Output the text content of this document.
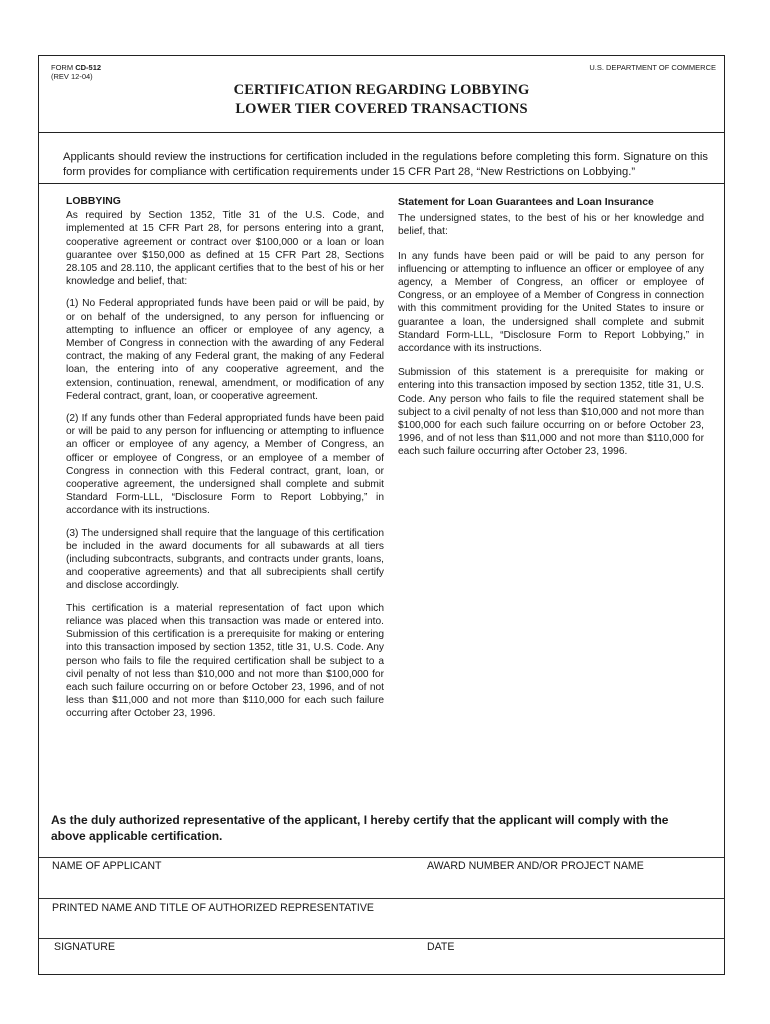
FORM CD-512
(REV 12-04)
U.S. DEPARTMENT OF COMMERCE
CERTIFICATION REGARDING LOBBYING
LOWER TIER COVERED TRANSACTIONS
Applicants should review the instructions for certification included in the regulations before completing this form. Signature on this form provides for compliance with certification requirements under 15 CFR Part 28, “New Restrictions on Lobbying.”
LOBBYING

As required by Section 1352, Title 31 of the U.S. Code, and implemented at 15 CFR Part 28, for persons entering into a grant, cooperative agreement or contract over $100,000 or a loan or loan guarantee over $150,000 as defined at 15 CFR Part 28, Sections 28.105 and 28.110, the applicant certifies that to the best of his or her knowledge and belief, that:

(1) No Federal appropriated funds have been paid or will be paid, by or on behalf of the undersigned, to any person for influencing or attempting to influence an officer or employee of any agency, a Member of Congress in connection with the awarding of any Federal contract, the making of any Federal grant, the making of any Federal loan, the entering into of any cooperative agreement, and the extension, continuation, renewal, amendment, or modification of any Federal contract, grant, loan, or cooperative agreement.

(2) If any funds other than Federal appropriated funds have been paid or will be paid to any person for influencing or attempting to influence an officer or employee of any agency, a Member of Congress, an officer or employee of Congress, or an employee of a member of Congress in connection with this Federal contract, grant, loan, or cooperative agreement, the undersigned shall complete and submit Standard Form-LLL, “Disclosure Form to Report Lobbying,” in accordance with its instructions.

(3) The undersigned shall require that the language of this certification be included in the award documents for all subawards at all tiers (including subcontracts, subgrants, and contracts under grants, loans, and cooperative agreements) and that all subrecipients shall certify and disclose accordingly.

This certification is a material representation of fact upon which reliance was placed when this transaction was made or entered into. Submission of this certification is a prerequisite for making or entering into this transaction imposed by section 1352, title 31, U.S. Code. Any person who fails to file the required certification shall be subject to a civil penalty of not less than $10,000 and not more than $100,000 for each such failure occurring on or before October 23, 1996, and of not less than $11,000 and not more than $110,000 for each such failure occurring after October 23, 1996.

Statement for Loan Guarantees and Loan Insurance

The undersigned states, to the best of his or her knowledge and belief, that:

In any funds have been paid or will be paid to any person for influencing or attempting to influence an officer or employee of any agency, a Member of Congress, an officer or employee of Congress, or an employee of a Member of Congress in connection with this commitment providing for the United States to insure or guarantee a loan, the undersigned shall complete and submit Standard Form-LLL, “Disclosure Form to Report Lobbying,” in accordance with its instructions.

Submission of this statement is a prerequisite for making or entering into this transaction imposed by section 1352, title 31, U.S. Code. Any person who fails to file the required statement shall be subject to a civil penalty of not less than $10,000 and not more than $100,000 for each such failure occurring on or before October 23, 1996, and of not less than $11,000 and not more than $110,000 for each such failure occurring after October 23, 1996.

As the duly authorized representative of the applicant, I hereby certify that the applicant will comply with the above applicable certification.
NAME OF APPLICANT	AWARD NUMBER AND/OR PROJECT NAME
PRINTED NAME AND TITLE OF AUTHORIZED REPRESENTATIVE
SIGNATURE	DATE
